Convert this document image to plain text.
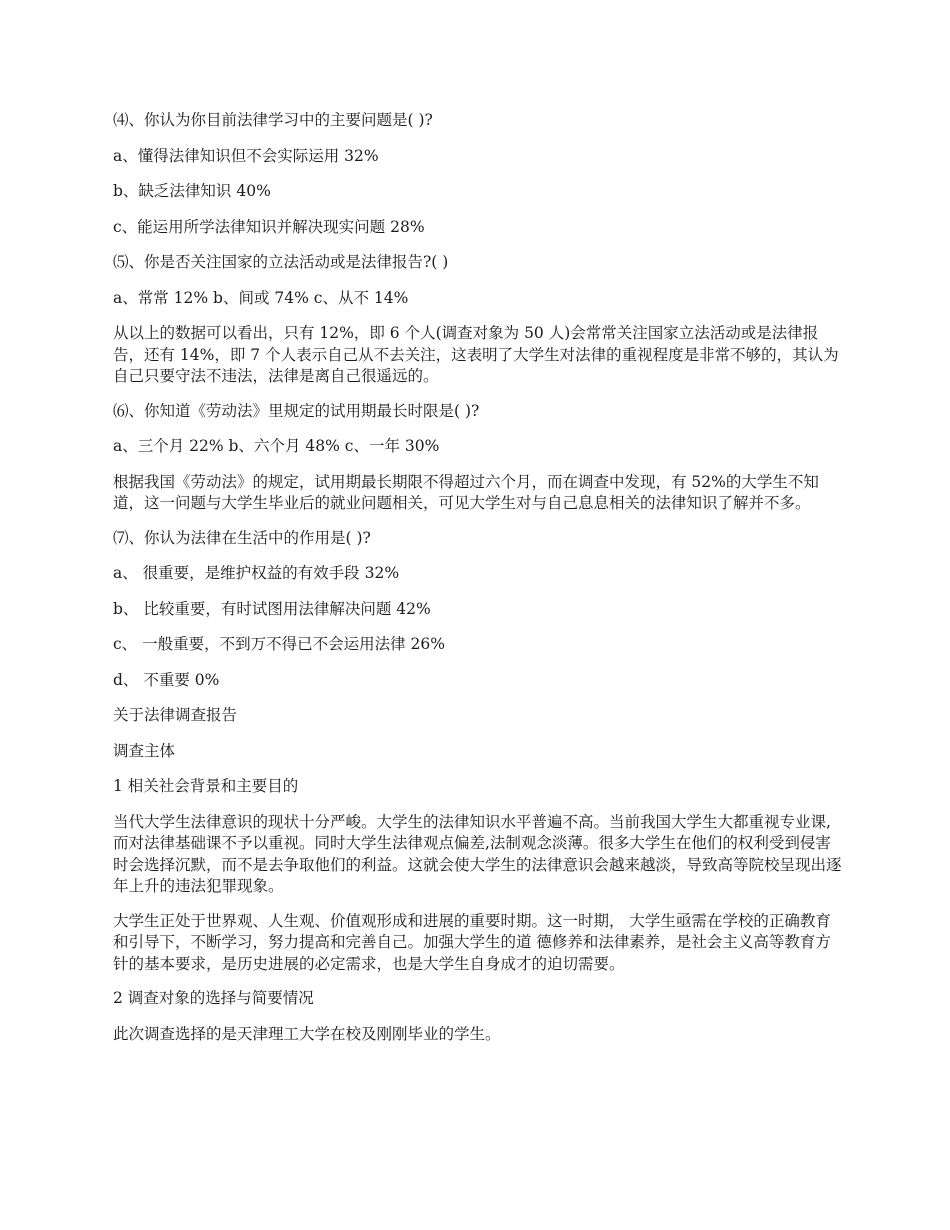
⑷、你认为你目前法律学习中的主要问题是( )?

a、懂得法律知识但不会实际运用 32%

b、缺乏法律知识 40%

c、能运用所学法律知识并解决现实问题 28%

⑸、你是否关注国家的立法活动或是法律报告?( )

a、常常 12% b、间或 74% c、从不 14%

从以上的数据可以看出，只有 12%，即 6 个人(调查对象为 50 人)会常常关注国家立法活动或是法律报告，还有 14%，即 7 个人表示自己从不去关注，这表明了大学生对法律的重视程度是非常不够的，其认为自己只要守法不违法，法律是离自己很遥远的。

⑹、你知道《劳动法》里规定的试用期最长时限是( )?

a、三个月 22% b、六个月 48% c、一年 30%

根据我国《劳动法》的规定，试用期最长期限不得超过六个月，而在调查中发现，有 52%的大学生不知道，这一问题与大学生毕业后的就业问题相关，可见大学生对与自己息息相关的法律知识了解并不多。

⑺、你认为法律在生活中的作用是( )?

a、 很重要，是维护权益的有效手段 32%

b、 比较重要，有时试图用法律解决问题 42%

c、 一般重要，不到万不得已不会运用法律 26%

d、 不重要 0%

关于法律调查报告

调查主体

1 相关社会背景和主要目的

当代大学生法律意识的现状十分严峻。大学生的法律知识水平普遍不高。当前我国大学生大都重视专业课,而对法律基础课不予以重视。同时大学生法律观点偏差,法制观念淡薄。很多大学生在他们的权利受到侵害时会选择沉默，而不是去争取他们的利益。这就会使大学生的法律意识会越来越淡，导致高等院校呈现出逐年上升的违法犯罪现象。

大学生正处于世界观、人生观、价值观形成和进展的重要时期。这一时期， 大学生亟需在学校的正确教育和引导下，不断学习，努力提高和完善自己。加强大学生的道 德修养和法律素养，是社会主义高等教育方针的基本要求，是历史进展的必定需求，也是大学生自身成才的迫切需要。

2 调查对象的选择与简要情况

此次调查选择的是天津理工大学在校及刚刚毕业的学生。
